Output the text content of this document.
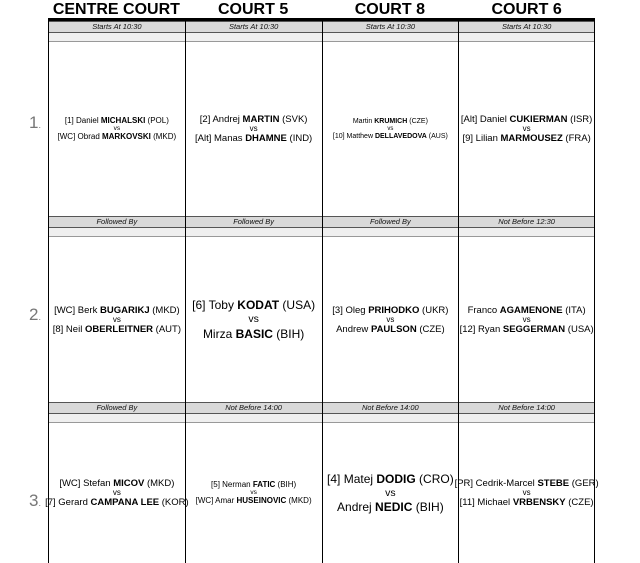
CENTRE COURT	COURT 5	COURT 8	COURT 6
1.
Starts At 10:30
[1] Daniel MICHALSKI (POL)
vs
[WC] Obrad MARKOVSKI (MKD)
Starts At 10:30
[2] Andrej MARTIN (SVK)
vs
[Alt] Manas DHAMNE (IND)
Starts At 10:30
Martin KRUMICH (CZE)
vs
[10] Matthew DELLAVEDOVA (AUS)
Starts At 10:30
[Alt] Daniel CUKIERMAN (ISR)
vs
[9] Lilian MARMOUSEZ (FRA)
2.
Followed By
[WC] Berk BUGARIKJ (MKD)
vs
[8] Neil OBERLEITNER (AUT)
Followed By
[6] Toby KODAT (USA)
vs
Mirza BASIC (BIH)
Followed By
[3] Oleg PRIHODKO (UKR)
vs
Andrew PAULSON (CZE)
Not Before 12:30
Franco AGAMENONE (ITA)
vs
[12] Ryan SEGGERMAN (USA)
3.
Followed By
[WC] Stefan MICOV (MKD)
vs
[7] Gerard CAMPANA LEE (KOR)
Not Before 14:00
[5] Nerman FATIC (BIH)
vs
[WC] Amar HUSEINOVIC (MKD)
Not Before 14:00
[4] Matej DODIG (CRO)
vs
Andrej NEDIC (BIH)
Not Before 14:00
[PR] Cedrik-Marcel STEBE (GER)
vs
[11] Michael VRBENSKY (CZE)
